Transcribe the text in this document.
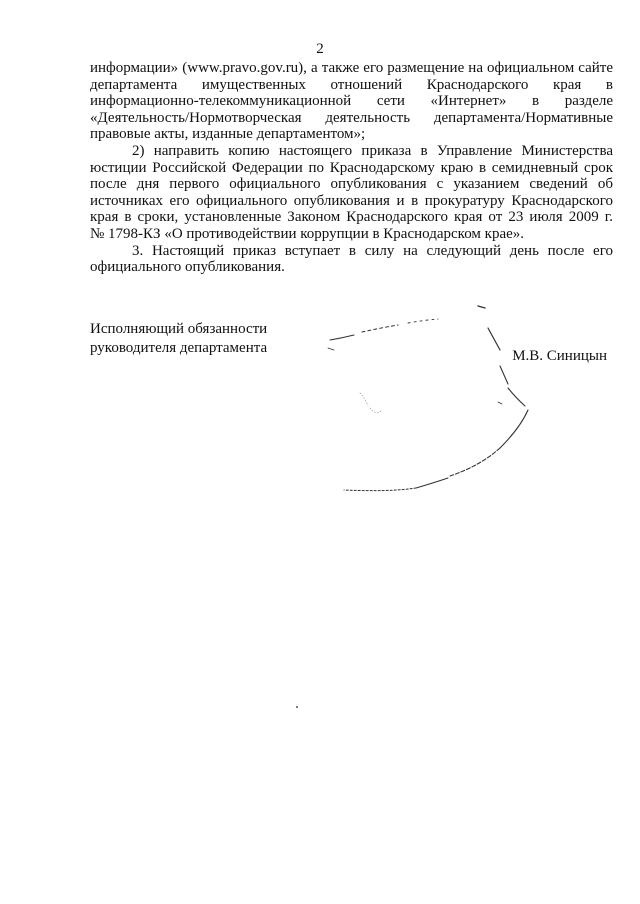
2

информации» (www.pravo.gov.ru), а также его размещение на официальном сайте
департамента имущественных отношений Краснодарского края в
информационно-телекоммуникационной сети «Интернет» в разделе
«Деятельность/Нормотворческая деятельность департамента/Нормативные
правовые акты, изданные департаментом»;

2) направить копию настоящего приказа в Управление Министерства
юстиции Российской Федерации по Краснодарскому краю в семидневный срок
после дня первого официального опубликования с указанием сведений об
источниках его официального опубликования и в прокуратуру Краснодарского
края в сроки, установленные Законом Краснодарского края от 23 июля 2009 г.
№ 1798-КЗ «О противодействии коррупции в Краснодарском крае».

3. Настоящий приказ вступает в силу на следующий день после его
официального опубликования.

Исполняющий обязанности
руководителя департамента	М.В. Синицын
